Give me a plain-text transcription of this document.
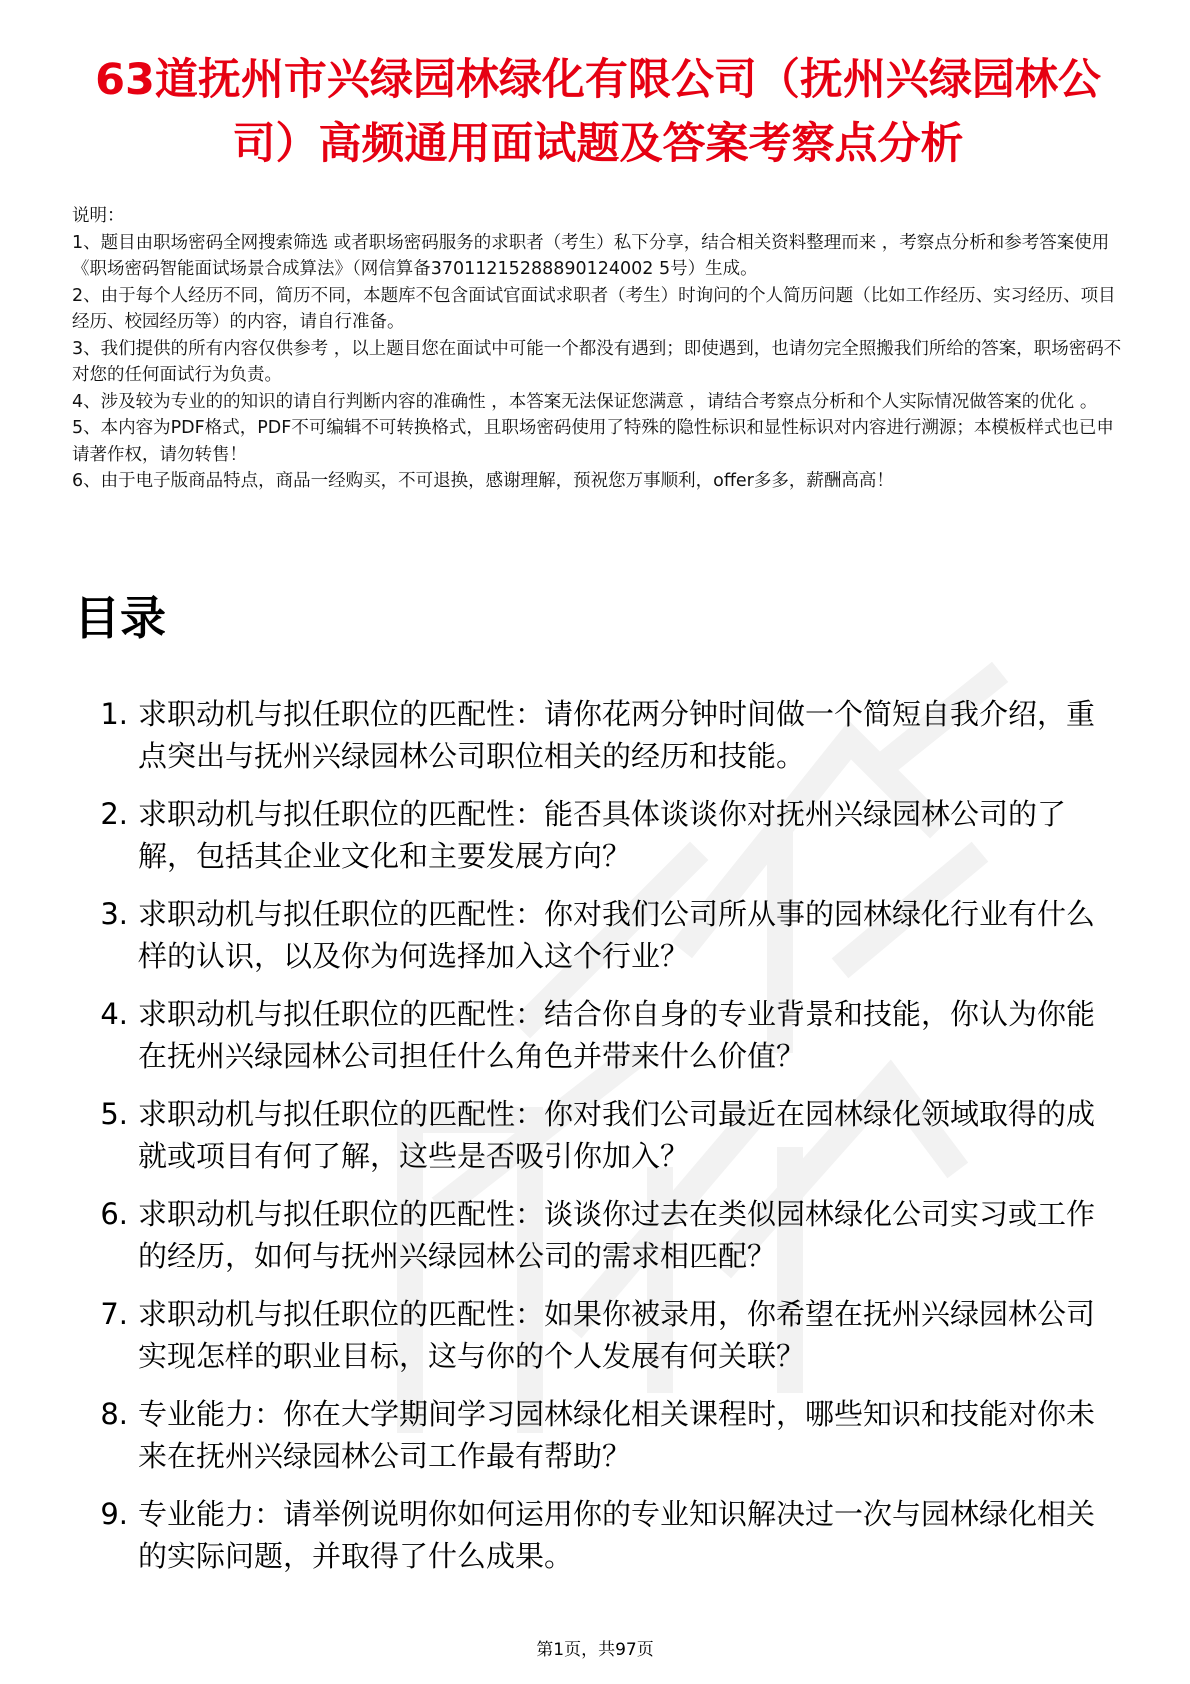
63道抚州市兴绿园林绿化有限公司（抚州兴绿园林公司）高频通用面试题及答案考察点分析

说明：

1、题目由职场密码全网搜索筛选 或者职场密码服务的求职者（考生）私下分享，结合相关资料整理而来 ，考察点分析和参考答案使用《职场密码智能面试场景合成算法》（网信算备37011215288890124002 5号）生成。

2、由于每个人经历不同，简历不同，本题库不包含面试官面试求职者（考生）时询问的个人简历问题（比如工作经历、实习经历、项目经历、校园经历等）的内容，请自行准备。

3、我们提供的所有内容仅供参考 ，以上题目您在面试中可能一个都没有遇到；即使遇到，也请勿完全照搬我们所给的答案，职场密码不对您的任何面试行为负责。

4、涉及较为专业的的知识的请自行判断内容的准确性 ，本答案无法保证您满意 ，请结合考察点分析和个人实际情况做答案的优化 。

5、本内容为PDF格式，PDF不可编辑不可转换格式，且职场密码使用了特殊的隐性标识和显性标识对内容进行溯源；本模板样式也已申请著作权，请勿转售！

6、由于电子版商品特点，商品一经购买，不可退换，感谢理解，预祝您万事顺利，offer多多，薪酬高高！

目录
1. 求职动机与拟任职位的匹配性：请你花两分钟时间做一个简短自我介绍，重点突出与抚州兴绿园林公司职位相关的经历和技能。
2. 求职动机与拟任职位的匹配性：能否具体谈谈你对抚州兴绿园林公司的了解，包括其企业文化和主要发展方向？
3. 求职动机与拟任职位的匹配性：你对我们公司所从事的园林绿化行业有什么样的认识，以及你为何选择加入这个行业？
4. 求职动机与拟任职位的匹配性：结合你自身的专业背景和技能，你认为你能在抚州兴绿园林公司担任什么角色并带来什么价值？
5. 求职动机与拟任职位的匹配性：你对我们公司最近在园林绿化领域取得的成就或项目有何了解，这些是否吸引你加入？
6. 求职动机与拟任职位的匹配性：谈谈你过去在类似园林绿化公司实习或工作的经历，如何与抚州兴绿园林公司的需求相匹配？
7. 求职动机与拟任职位的匹配性：如果你被录用，你希望在抚州兴绿园林公司实现怎样的职业目标，这与你的个人发展有何关联？
8. 专业能力：你在大学期间学习园林绿化相关课程时，哪些知识和技能对你未来在抚州兴绿园林公司工作最有帮助？
9. 专业能力：请举例说明你如何运用你的专业知识解决过一次与园林绿化相关的实际问题，并取得了什么成果。
第1页，共97页
